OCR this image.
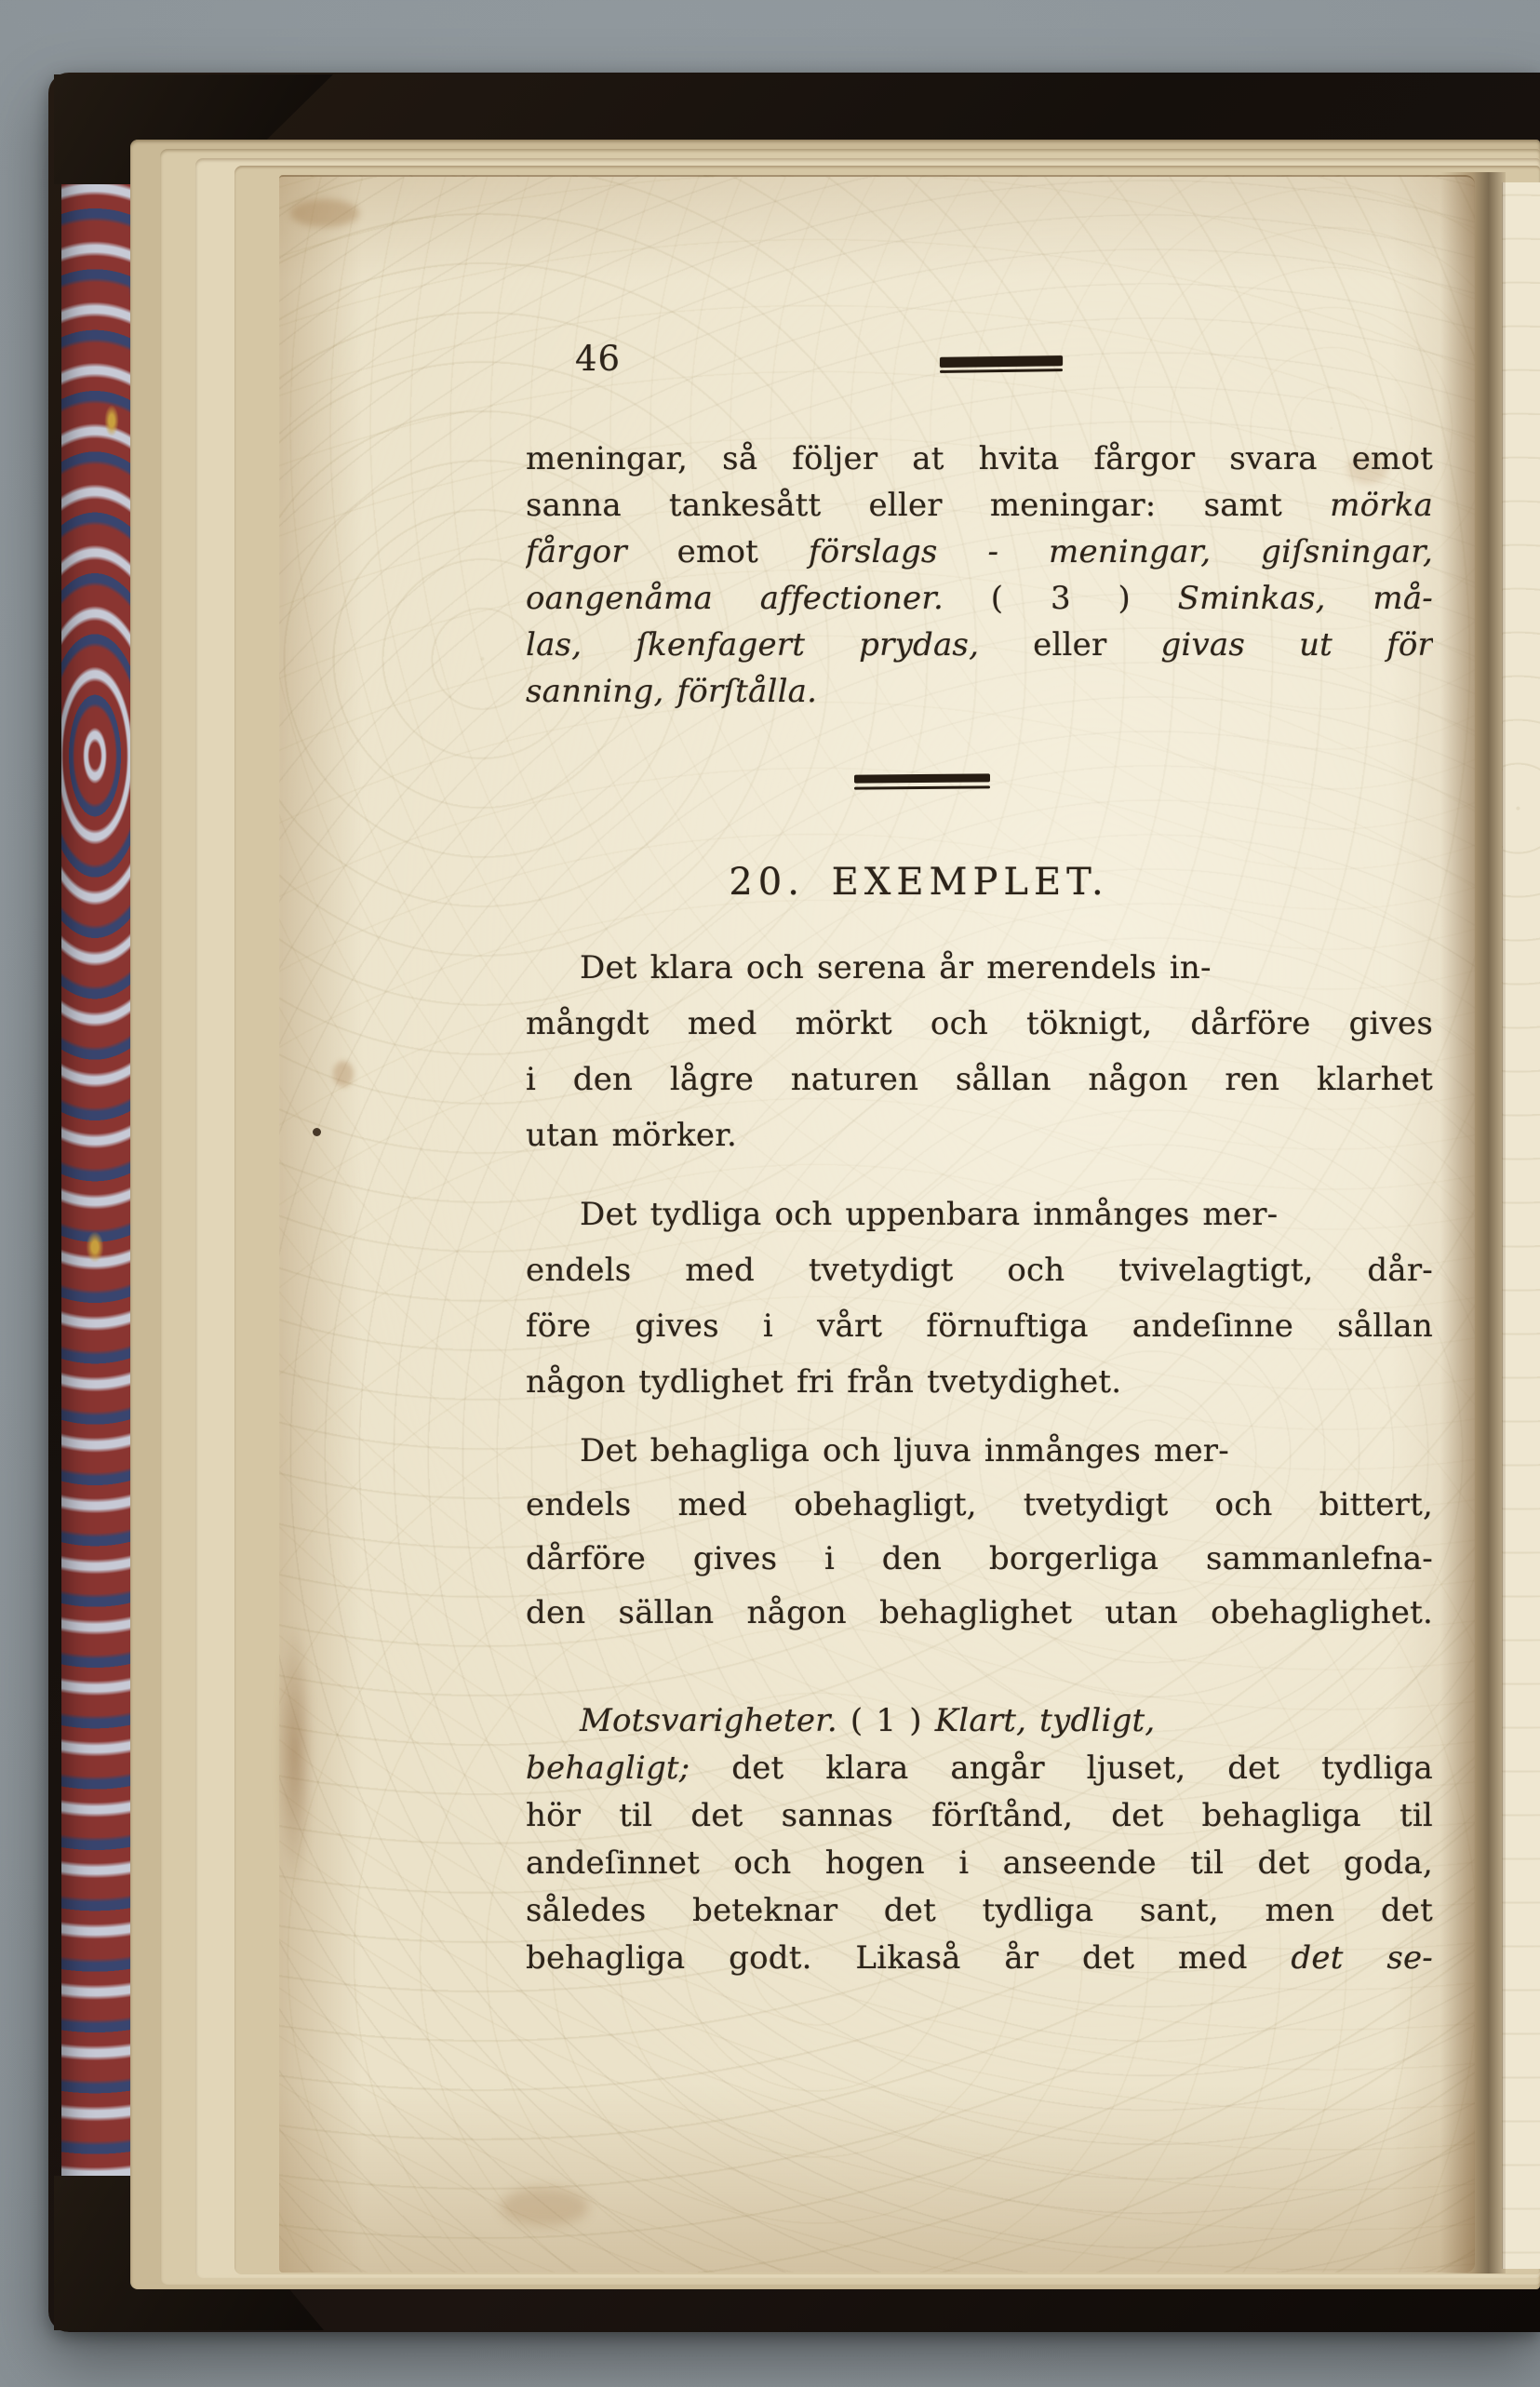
46
20. EXEMPLET.
meningar, så följer at hvita fårgor svara emot
sanna tankesått eller meningar: samt mörka
fårgor emot förslags - meningar, giſsningar,
oangenåma affectioner. ( 3 ) Sminkas, må-
las, ſkenfagert prydas, eller givas ut för
sanning, förſtålla.
Det klara och serena år merendels in-
mångdt med mörkt och töknigt, dårföre gives
i den lågre naturen sållan någon ren klarhet
utan mörker.
Det tydliga och uppenbara inmånges mer-
endels med tvetydigt och tvivelagtigt, dår-
före gives i vårt förnuftiga andeſinne sållan
någon tydlighet fri från tvetydighet.
Det behagliga och ljuva inmånges mer-
endels med obehagligt, tvetydigt och bittert,
dårföre gives i den borgerliga sammanlefna-
den sällan någon behaglighet utan obehaglighet.
Motsvarigheter. ( 1 ) Klart, tydligt,
behagligt; det klara angår ljuset, det tydliga
hör til det sannas förſtånd, det behagliga til
andeſinnet och hogen i anseende til det goda,
således beteknar det tydliga sant, men det
behagliga godt. Likaså år det med det se-
